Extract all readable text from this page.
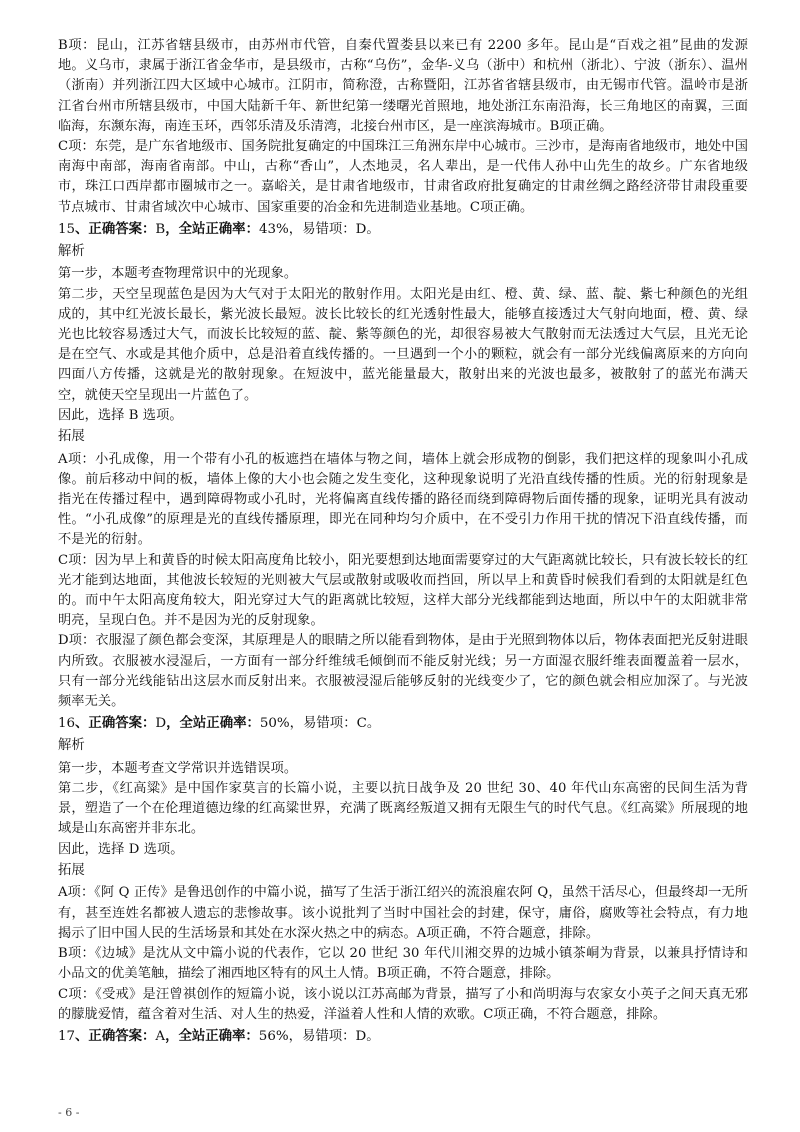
B项：昆山，江苏省辖县级市，由苏州市代管，自秦代置娄县以来已有 2200 多年。昆山是“百戏之祖”昆曲的发源地。义乌市，隶属于浙江省金华市，是县级市，古称“乌伤”，金华-义乌（浙中）和杭州（浙北）、宁波（浙东）、温州（浙南）并列浙江四大区域中心城市。江阴市，简称澄，古称暨阳，江苏省省辖县级市，由无锡市代管。温岭市是浙江省台州市所辖县级市，中国大陆新千年、新世纪第一缕曙光首照地，地处浙江东南沿海，长三角地区的南翼，三面临海，东濒东海，南连玉环，西邻乐清及乐清湾，北接台州市区，是一座滨海城市。B项正确。

C项：东莞，是广东省地级市、国务院批复确定的中国珠江三角洲东岸中心城市。三沙市，是海南省地级市，地处中国南海中南部，海南省南部。中山，古称“香山”，人杰地灵，名人辈出，是一代伟人孙中山先生的故乡。广东省地级市，珠江口西岸都市圈城市之一。嘉峪关，是甘肃省地级市，甘肃省政府批复确定的甘肃丝绸之路经济带甘肃段重要节点城市、甘肃省域次中心城市、国家重要的冶金和先进制造业基地。C项正确。

15、正确答案：B，全站正确率：43%，易错项：D。

解析

第一步，本题考查物理常识中的光现象。

第二步，天空呈现蓝色是因为大气对于太阳光的散射作用。太阳光是由红、橙、黄、绿、蓝、靛、紫七种颜色的光组成的，其中红光波长最长，紫光波长最短。波长比较长的红光透射性最大，能够直接透过大气射向地面，橙、黄、绿光也比较容易透过大气，而波长比较短的蓝、靛、紫等颜色的光，却很容易被大气散射而无法透过大气层，且光无论是在空气、水或是其他介质中，总是沿着直线传播的。一旦遇到一个小的颗粒，就会有一部分光线偏离原来的方向向四面八方传播，这就是光的散射现象。在短波中，蓝光能量最大，散射出来的光波也最多，被散射了的蓝光布满天空，就使天空呈现出一片蓝色了。

因此，选择 B 选项。

拓展

A项：小孔成像，用一个带有小孔的板遮挡在墙体与物之间，墙体上就会形成物的倒影，我们把这样的现象叫小孔成像。前后移动中间的板，墙体上像的大小也会随之发生变化，这种现象说明了光沿直线传播的性质。光的衍射现象是指光在传播过程中，遇到障碍物或小孔时，光将偏离直线传播的路径而绕到障碍物后面传播的现象，证明光具有波动性。“小孔成像”的原理是光的直线传播原理，即光在同种均匀介质中，在不受引力作用干扰的情况下沿直线传播，而不是光的衍射。

C项：因为早上和黄昏的时候太阳高度角比较小，阳光要想到达地面需要穿过的大气距离就比较长，只有波长较长的红光才能到达地面，其他波长较短的光则被大气层或散射或吸收而挡回，所以早上和黄昏时候我们看到的太阳就是红色的。而中午太阳高度角较大，阳光穿过大气的距离就比较短，这样大部分光线都能到达地面，所以中午的太阳就非常明亮，呈现白色。并不是因为光的反射现象。

D项：衣服湿了颜色都会变深，其原理是人的眼睛之所以能看到物体，是由于光照到物体以后，物体表面把光反射进眼内所致。衣服被水浸湿后，一方面有一部分纤维绒毛倾倒而不能反射光线；另一方面湿衣服纤维表面覆盖着一层水，只有一部分光线能钻出这层水而反射出来。衣服被浸湿后能够反射的光线变少了，它的颜色就会相应加深了。与光波频率无关。

16、正确答案：D，全站正确率：50%，易错项：C。

解析

第一步，本题考查文学常识并选错误项。

第二步，《红高粱》是中国作家莫言的长篇小说，主要以抗日战争及 20 世纪 30、40 年代山东高密的民间生活为背景，塑造了一个在伦理道德边缘的红高粱世界，充满了既离经叛道又拥有无限生气的时代气息。《红高粱》所展现的地域是山东高密并非东北。

因此，选择 D 选项。

拓展

A项：《阿 Q 正传》是鲁迅创作的中篇小说，描写了生活于浙江绍兴的流浪雇农阿 Q，虽然干活尽心，但最终却一无所有，甚至连姓名都被人遗忘的悲惨故事。该小说批判了当时中国社会的封建，保守，庸俗，腐败等社会特点，有力地揭示了旧中国人民的生活场景和其处在水深火热之中的病态。A项正确，不符合题意，排除。

B项：《边城》是沈从文中篇小说的代表作，它以 20 世纪 30 年代川湘交界的边城小镇茶峒为背景，以兼具抒情诗和小品文的优美笔触，描绘了湘西地区特有的风土人情。B项正确，不符合题意，排除。

C项：《受戒》是汪曾祺创作的短篇小说，该小说以江苏高邮为背景，描写了小和尚明海与农家女小英子之间天真无邪的朦胧爱情，蕴含着对生活、对人生的热爱，洋溢着人性和人情的欢歌。C项正确，不符合题意，排除。

17、正确答案：A，全站正确率：56%，易错项：D。

- 6 -
